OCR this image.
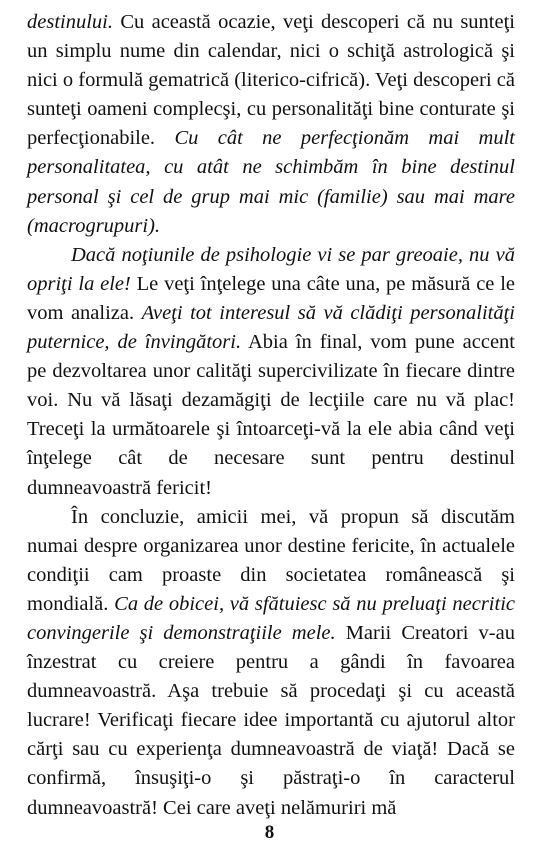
destinului. Cu această ocazie, veţi descoperi că nu sunteţi un simplu nume din calendar, nici o schiţă astrologică şi nici o formulă gematrică (literico-cifrică). Veţi descoperi că sunteţi oameni complecşi, cu personalităţi bine conturate şi perfecţionabile. Cu cât ne perfecţionăm mai mult personalitatea, cu atât ne schimbăm în bine destinul personal şi cel de grup mai mic (familie) sau mai mare (macrogrupuri).

Dacă noţiunile de psihologie vi se par greoaie, nu vă opriţi la ele! Le veţi înţelege una câte una, pe măsură ce le vom analiza. Aveţi tot interesul să vă clădiţi personalităţi puternice, de învingători. Abia în final, vom pune accent pe dezvoltarea unor calităţi supercivilizate în fiecare dintre voi. Nu vă lăsaţi dezamăgiţi de lecţiile care nu vă plac! Treceţi la următoarele şi întoarceţi-vă la ele abia când veţi înţelege cât de necesare sunt pentru destinul dumneavoastră fericit!

În concluzie, amicii mei, vă propun să discutăm numai despre organizarea unor destine fericite, în actualele condiţii cam proaste din societatea românească şi mondială. Ca de obicei, vă sfătuiesc să nu preluaţi necritic convingerile şi demonstraţiile mele. Marii Creatori v-au înzestrat cu creiere pentru a gândi în favoarea dumneavoastră. Aşa trebuie să procedaţi şi cu această lucrare! Verificaţi fiecare idee importantă cu ajutorul altor cărţi sau cu experienţa dumneavoastră de viaţă! Dacă se confirmă, însuşiţi-o şi păstraţi-o în caracterul dumneavoastră! Cei care aveţi nelămuriri mă

8
